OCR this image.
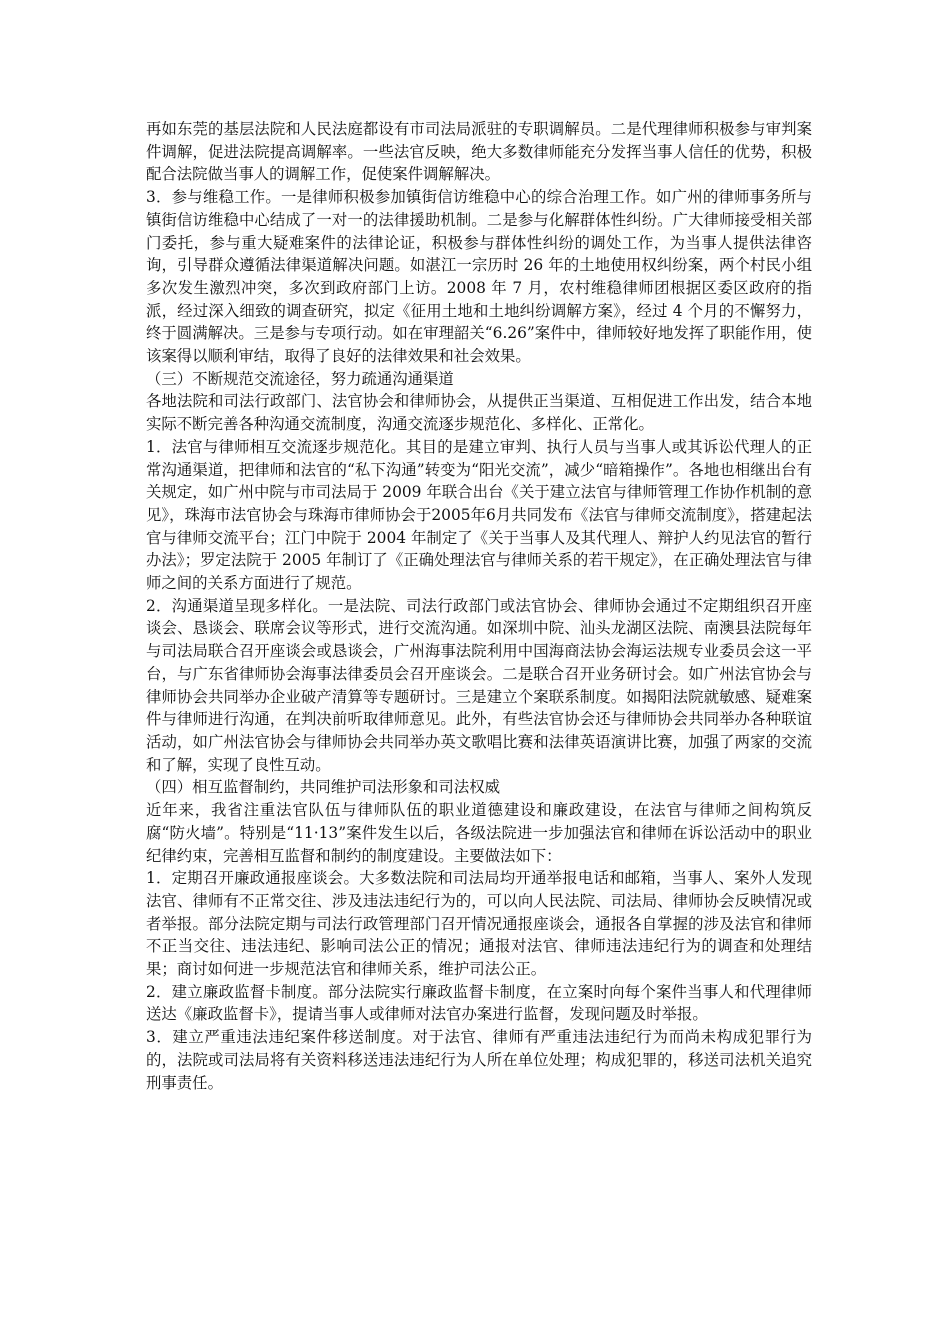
再如东莞的基层法院和人民法庭都设有市司法局派驻的专职调解员。二是代理律师积极参与审判案件调解，促进法院提高调解率。一些法官反映，绝大多数律师能充分发挥当事人信任的优势，积极配合法院做当事人的调解工作，促使案件调解解决。

3．参与维稳工作。一是律师积极参加镇街信访维稳中心的综合治理工作。如广州的律师事务所与镇街信访维稳中心结成了一对一的法律援助机制。二是参与化解群体性纠纷。广大律师接受相关部门委托，参与重大疑难案件的法律论证，积极参与群体性纠纷的调处工作，为当事人提供法律咨询，引导群众遵循法律渠道解决问题。如湛江一宗历时 26 年的土地使用权纠纷案，两个村民小组多次发生激烈冲突，多次到政府部门上访。2008 年 7 月，农村维稳律师团根据区委区政府的指派，经过深入细致的调查研究，拟定《征用土地和土地纠纷调解方案》，经过 4 个月的不懈努力，终于圆满解决。三是参与专项行动。如在审理韶关“6.26”案件中，律师较好地发挥了职能作用，使该案得以顺利审结，取得了良好的法律效果和社会效果。

（三）不断规范交流途径，努力疏通沟通渠道

各地法院和司法行政部门、法官协会和律师协会，从提供正当渠道、互相促进工作出发，结合本地实际不断完善各种沟通交流制度，沟通交流逐步规范化、多样化、正常化。

1．法官与律师相互交流逐步规范化。其目的是建立审判、执行人员与当事人或其诉讼代理人的正常沟通渠道，把律师和法官的“私下沟通”转变为“阳光交流”，减少“暗箱操作”。各地也相继出台有关规定，如广州中院与市司法局于 2009 年联合出台《关于建立法官与律师管理工作协作机制的意见》，珠海市法官协会与珠海市律师协会于2005年6月共同发布《法官与律师交流制度》，搭建起法官与律师交流平台；江门中院于 2004 年制定了《关于当事人及其代理人、辩护人约见法官的暂行办法》；罗定法院于 2005 年制订了《正确处理法官与律师关系的若干规定》，在正确处理法官与律师之间的关系方面进行了规范。

2．沟通渠道呈现多样化。一是法院、司法行政部门或法官协会、律师协会通过不定期组织召开座谈会、恳谈会、联席会议等形式，进行交流沟通。如深圳中院、汕头龙湖区法院、南澳县法院每年与司法局联合召开座谈会或恳谈会，广州海事法院利用中国海商法协会海运法规专业委员会这一平台，与广东省律师协会海事法律委员会召开座谈会。二是联合召开业务研讨会。如广州法官协会与律师协会共同举办企业破产清算等专题研讨。三是建立个案联系制度。如揭阳法院就敏感、疑难案件与律师进行沟通，在判决前听取律师意见。此外，有些法官协会还与律师协会共同举办各种联谊活动，如广州法官协会与律师协会共同举办英文歌唱比赛和法律英语演讲比赛，加强了两家的交流和了解，实现了良性互动。

（四）相互监督制约，共同维护司法形象和司法权威

近年来，我省注重法官队伍与律师队伍的职业道德建设和廉政建设，在法官与律师之间构筑反腐“防火墙”。特别是“11·13”案件发生以后，各级法院进一步加强法官和律师在诉讼活动中的职业纪律约束，完善相互监督和制约的制度建设。主要做法如下：

1．定期召开廉政通报座谈会。大多数法院和司法局均开通举报电话和邮箱，当事人、案外人发现法官、律师有不正常交往、涉及违法违纪行为的，可以向人民法院、司法局、律师协会反映情况或者举报。部分法院定期与司法行政管理部门召开情况通报座谈会，通报各自掌握的涉及法官和律师不正当交往、违法违纪、影响司法公正的情况；通报对法官、律师违法违纪行为的调查和处理结果；商讨如何进一步规范法官和律师关系，维护司法公正。

2．建立廉政监督卡制度。部分法院实行廉政监督卡制度，在立案时向每个案件当事人和代理律师送达《廉政监督卡》，提请当事人或律师对法官办案进行监督，发现问题及时举报。

3．建立严重违法违纪案件移送制度。对于法官、律师有严重违法违纪行为而尚未构成犯罪行为的，法院或司法局将有关资料移送违法违纪行为人所在单位处理；构成犯罪的，移送司法机关追究刑事责任。
